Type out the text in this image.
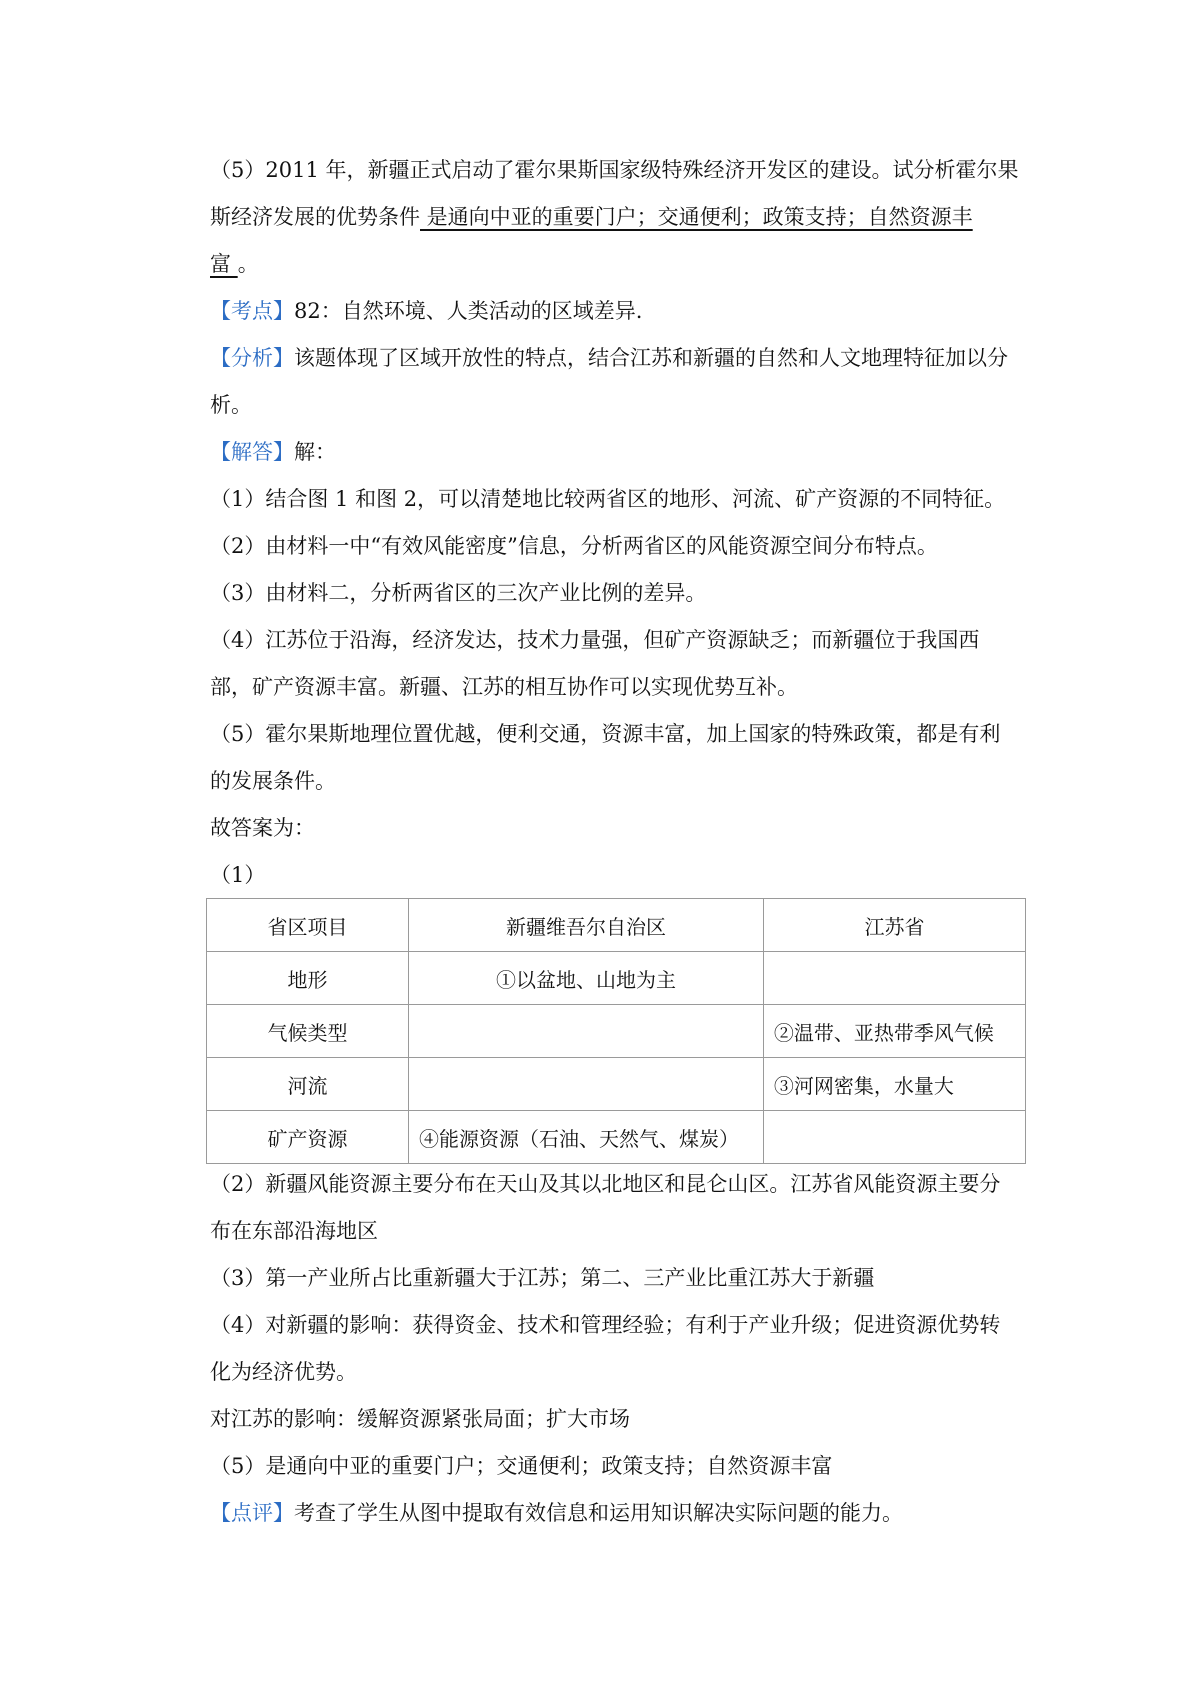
（5）2011 年，新疆正式启动了霍尔果斯国家级特殊经济开发区的建设。试分析霍尔果
斯经济发展的优势条件 是通向中亚的重要门户；交通便利；政策支持；自然资源丰
富 。
【考点】82：自然环境、人类活动的区域差异.
【分析】该题体现了区域开放性的特点，结合江苏和新疆的自然和人文地理特征加以分
析。
【解答】解：
（1）结合图 1 和图 2，可以清楚地比较两省区的地形、河流、矿产资源的不同特征。
（2）由材料一中“有效风能密度”信息，分析两省区的风能资源空间分布特点。
（3）由材料二，分析两省区的三次产业比例的差异。
（4）江苏位于沿海，经济发达，技术力量强，但矿产资源缺乏；而新疆位于我国西
部，矿产资源丰富。新疆、江苏的相互协作可以实现优势互补。
（5）霍尔果斯地理位置优越，便利交通，资源丰富，加上国家的特殊政策，都是有利
的发展条件。
故答案为：
（1）
省区项目	新疆维吾尔自治区	江苏省
地形	①以盆地、山地为主	
气候类型		②温带、亚热带季风气候
河流		③河网密集，水量大
矿产资源	④能源资源（石油、天然气、煤炭）	
（2）新疆风能资源主要分布在天山及其以北地区和昆仑山区。江苏省风能资源主要分
布在东部沿海地区
（3）第一产业所占比重新疆大于江苏；第二、三产业比重江苏大于新疆
（4）对新疆的影响：获得资金、技术和管理经验；有利于产业升级；促进资源优势转
化为经济优势。
对江苏的影响：缓解资源紧张局面；扩大市场
（5）是通向中亚的重要门户；交通便利；政策支持；自然资源丰富
【点评】考查了学生从图中提取有效信息和运用知识解决实际问题的能力。
